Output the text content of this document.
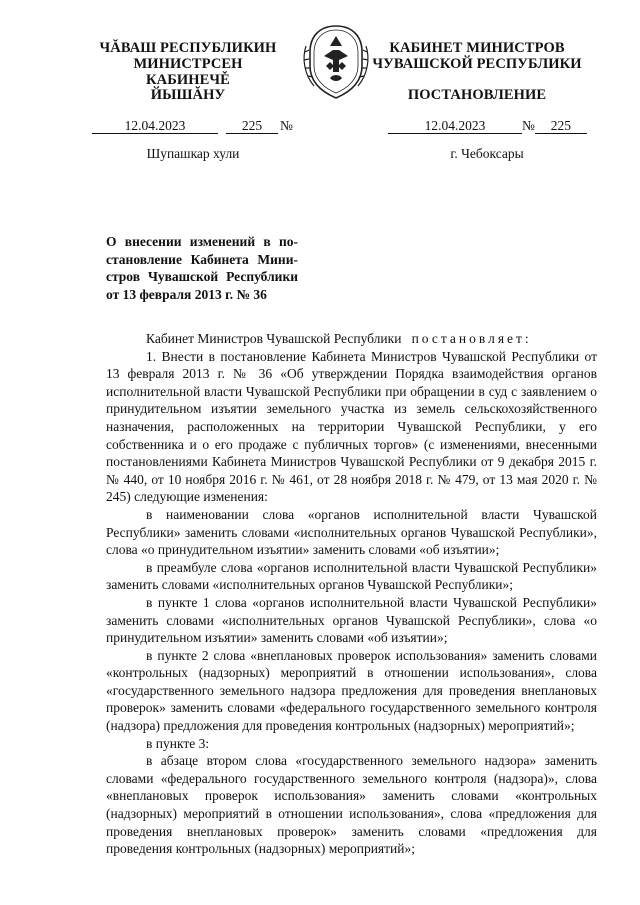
ЧĂВАШ РЕСПУБЛИКИН
МИНИСТРСЕН КАБИНЕЧĚ
КАБИНЕТ МИНИСТРОВ
ЧУВАШСКОЙ РЕСПУБЛИКИ
ЙЫШĂНУ	ПОСТАНОВЛЕНИЕ
12.04.2023	225 №	12.04.2023	№ 225
Шупашкар хули	г. Чебоксары
О внесении изменений в по-
становление Кабинета Мини-
стров Чувашской Республики
от 13 февраля 2013 г. № 36

Кабинет Министров Чувашской Республики постановляет:

1. Внести в постановление Кабинета Министров Чувашской Республики от 13 февраля 2013 г. № 36 «Об утверждении Порядка взаимодействия органов исполнительной власти Чувашской Республики при обращении в суд с заявлением о принудительном изъятии земельного участка из земель сельскохозяйственного назначения, расположенных на территории Чувашской Республики, у его собственника и о его продаже с публичных торгов» (с изменениями, внесенными постановлениями Кабинета Министров Чувашской Республики от 9 декабря 2015 г. № 440, от 10 ноября 2016 г. № 461, от 28 ноября 2018 г. № 479, от 13 мая 2020 г. № 245) следующие изменения:

в наименовании слова «органов исполнительной власти Чувашской Республики» заменить словами «исполнительных органов Чувашской Республики», слова «о принудительном изъятии» заменить словами «об изъятии»;

в преамбуле слова «органов исполнительной власти Чувашской Республики» заменить словами «исполнительных органов Чувашской Республики»;

в пункте 1 слова «органов исполнительной власти Чувашской Республики» заменить словами «исполнительных органов Чувашской Республики», слова «о принудительном изъятии» заменить словами «об изъятии»;

в пункте 2 слова «внеплановых проверок использования» заменить словами «контрольных (надзорных) мероприятий в отношении использования», слова «государственного земельного надзора предложения для проведения внеплановых проверок» заменить словами «федерального государственного земельного контроля (надзора) предложения для проведения контрольных (надзорных) мероприятий»;

в пункте 3:

в абзаце втором слова «государственного земельного надзора» заменить словами «федерального государственного земельного контроля (надзора)», слова «внеплановых проверок использования» заменить словами «контрольных (надзорных) мероприятий в отношении использования», слова «предложения для проведения внеплановых проверок» заменить словами «предложения для проведения контрольных (надзорных) мероприятий»;
